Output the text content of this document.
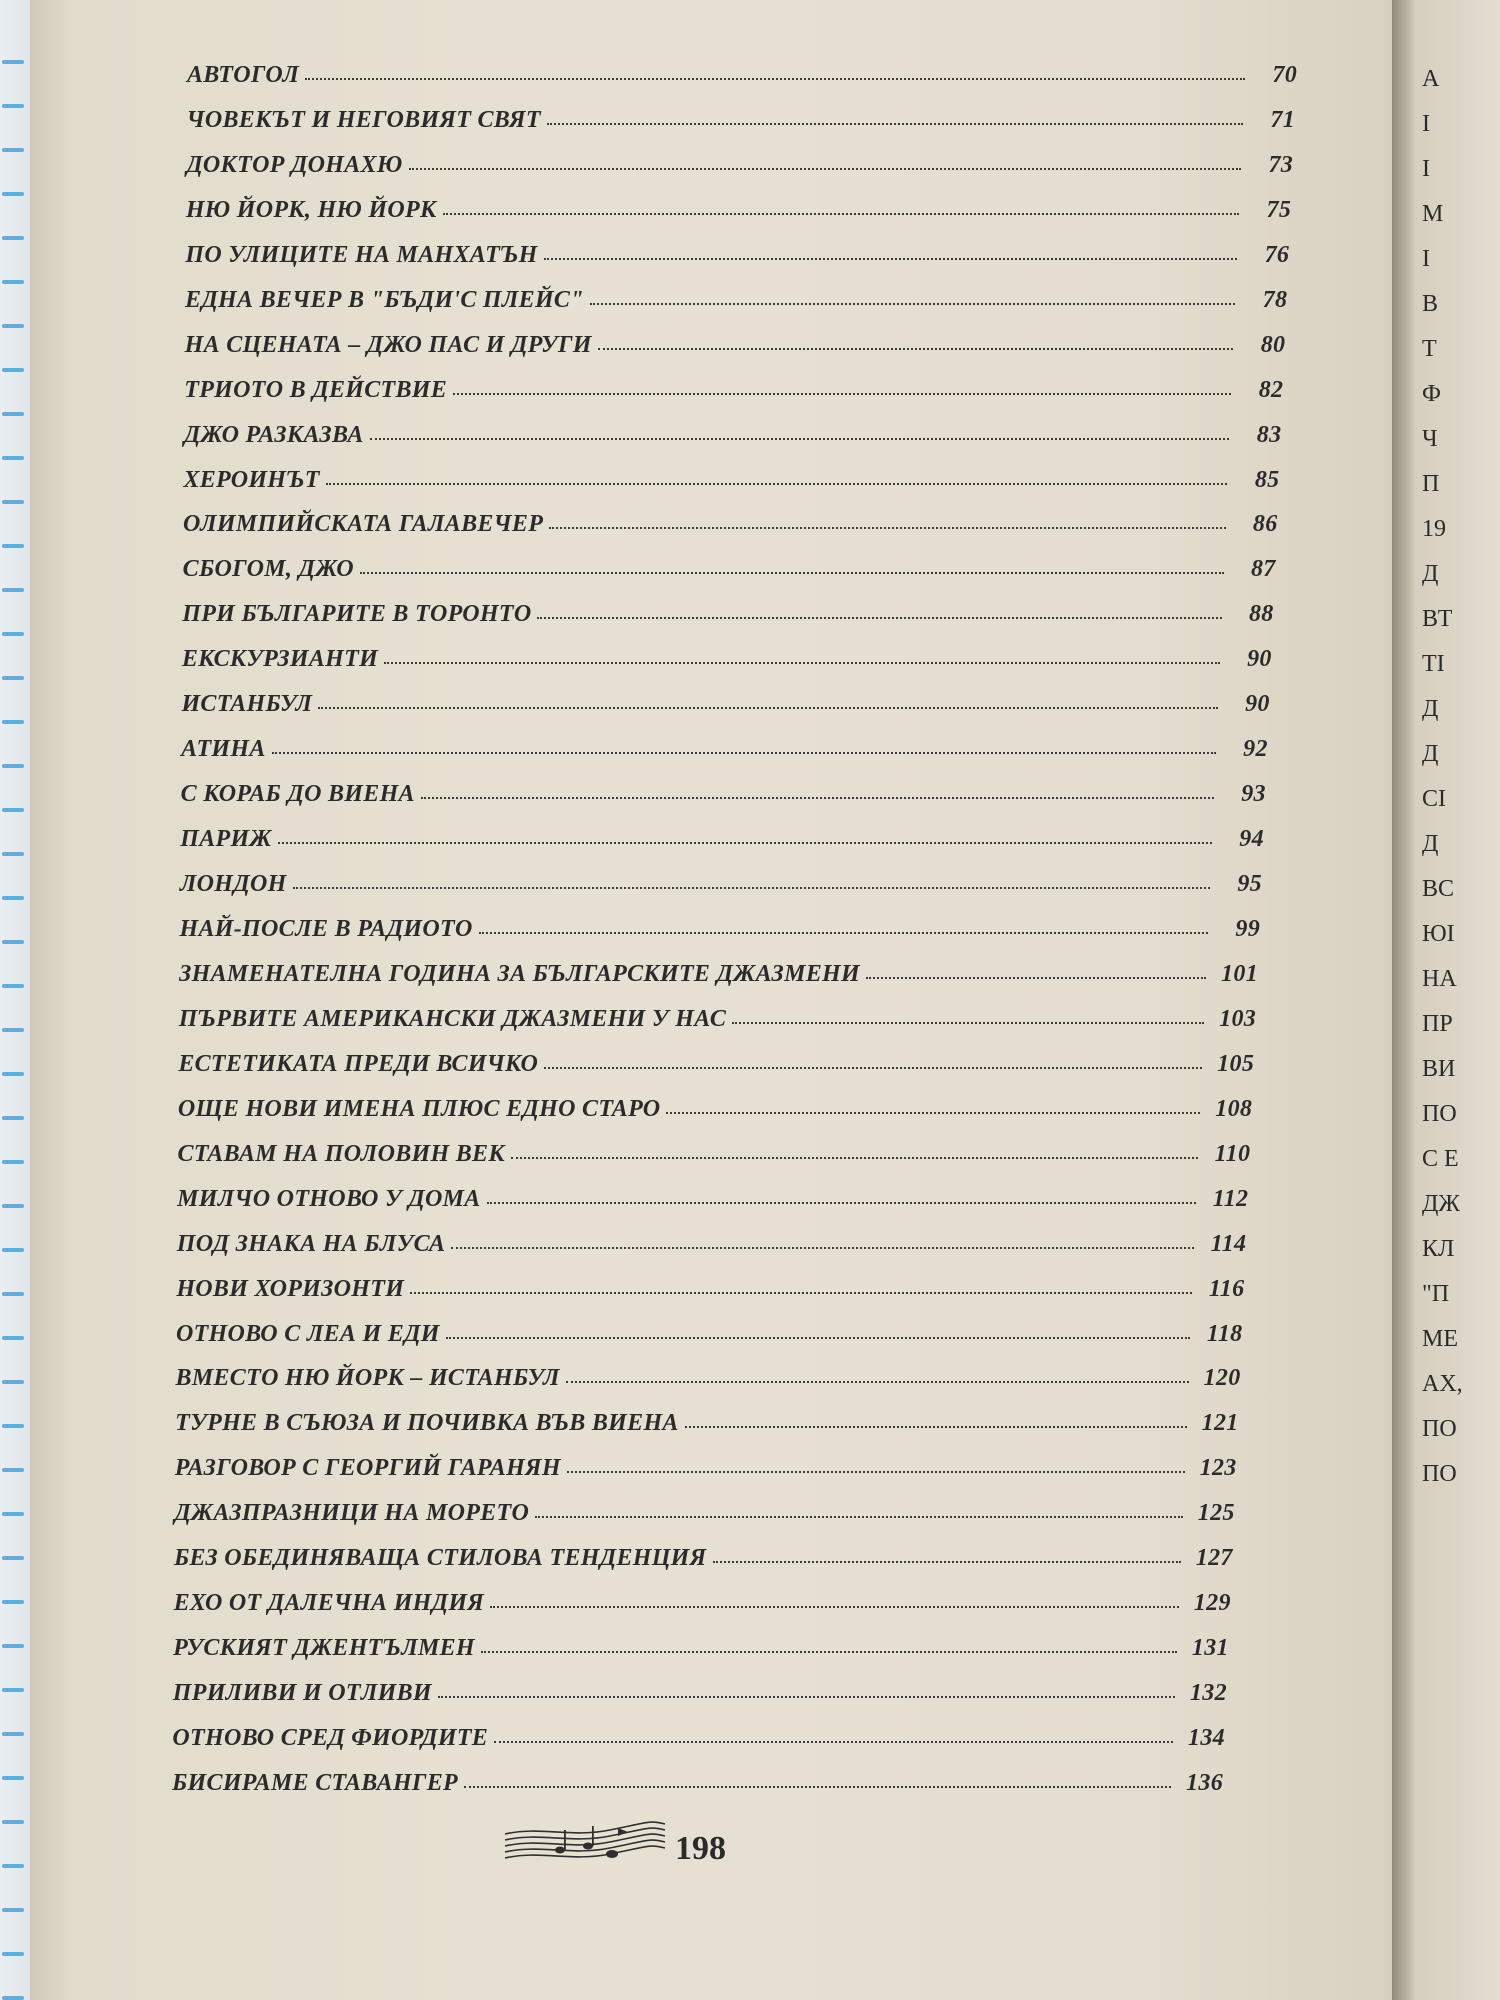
А
I
I
М
I
В
Т
Ф
Ч
П
19
Д
ВТ
ТІ
Д
Д
СІ
Д
ВС
ЮІ
НА
ПР
ВИ
ПО
С Е
ДЖ
КЛ
"П
МЕ
АХ,
ПО
ПО
АВТОГОЛ	70
ЧОВЕКЪТ И НЕГОВИЯТ СВЯТ	71
ДОКТОР ДОНАХЮ	73
НЮ ЙОРК, НЮ ЙОРК	75
ПО УЛИЦИТЕ НА МАНХАТЪН	76
ЕДНА ВЕЧЕР В "БЪДИ'С ПЛЕЙС"	78
НА СЦЕНАТА – ДЖО ПАС И ДРУГИ	80
ТРИОТО В ДЕЙСТВИЕ	82
ДЖО РАЗКАЗВА	83
ХЕРОИНЪТ	85
ОЛИМПИЙСКАТА ГАЛАВЕЧЕР	86
СБОГОМ, ДЖО	87
ПРИ БЪЛГАРИТЕ В ТОРОНТО	88
ЕКСКУРЗИАНТИ	90
ИСТАНБУЛ	90
АТИНА	92
С КОРАБ ДО ВИЕНА	93
ПАРИЖ	94
ЛОНДОН	95
НАЙ-ПОСЛЕ В РАДИОТО	99
ЗНАМЕНАТЕЛНА ГОДИНА ЗА БЪЛГАРСКИТЕ ДЖАЗМЕНИ	101
ПЪРВИТЕ АМЕРИКАНСКИ ДЖАЗМЕНИ У НАС	103
ЕСТЕТИКАТА ПРЕДИ ВСИЧКО	105
ОЩЕ НОВИ ИМЕНА ПЛЮС ЕДНО СТАРО	108
СТАВАМ НА ПОЛОВИН ВЕК	110
МИЛЧО ОТНОВО У ДОМА	112
ПОД ЗНАКА НА БЛУСА	114
НОВИ ХОРИЗОНТИ	116
ОТНОВО С ЛЕА И ЕДИ	118
ВМЕСТО НЮ ЙОРК – ИСТАНБУЛ	120
ТУРНЕ В СЪЮЗА И ПОЧИВКА ВЪВ ВИЕНА	121
РАЗГОВОР С ГЕОРГИЙ ГАРАНЯН	123
ДЖАЗПРАЗНИЦИ НА МОРЕТО	125
БЕЗ ОБЕДИНЯВАЩА СТИЛОВА ТЕНДЕНЦИЯ	127
ЕХО ОТ ДАЛЕЧНА ИНДИЯ	129
РУСКИЯТ ДЖЕНТЪЛМЕН	131
ПРИЛИВИ И ОТЛИВИ	132
ОТНОВО СРЕД ФИОРДИТЕ	134
БИСИРАМЕ СТАВАНГЕР	136
198
